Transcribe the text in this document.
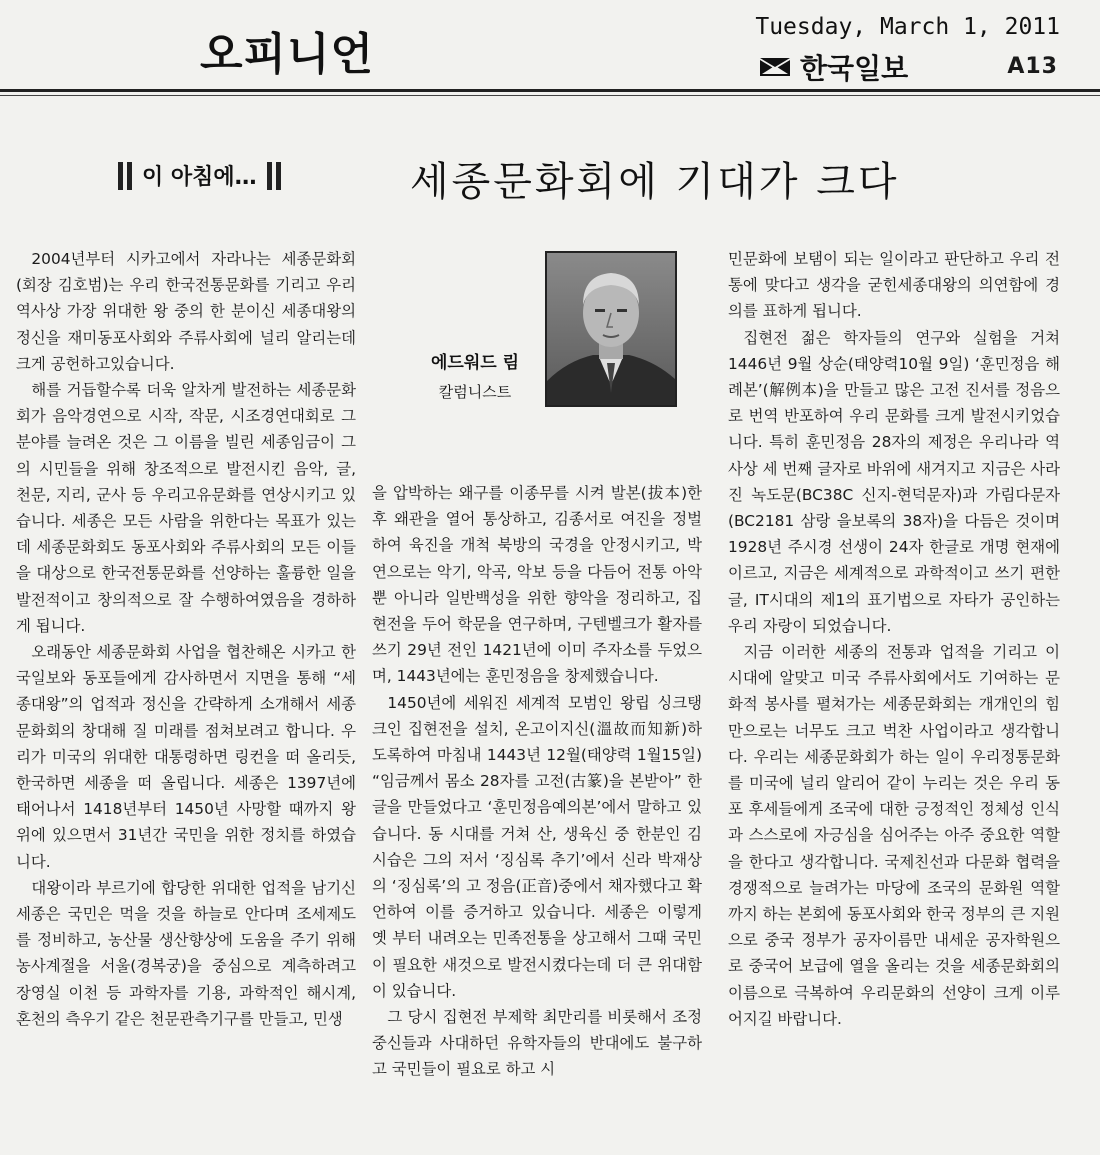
오피니언
Tuesday, March 1, 2011
한국일보	A13
이 아침에…	세종문화회에 기대가 크다

2004년부터 시카고에서 자라나는 세종문화회(회장 김호범)는 우리 한국전통문화를 기리고 우리 역사상 가장 위대한 왕 중의 한 분이신 세종대왕의 정신을 재미동포사회와 주류사회에 널리 알리는데 크게 공헌하고있습니다.

해를 거듭할수록 더욱 알차게 발전하는 세종문화회가 음악경연으로 시작, 작문, 시조경연대회로 그 분야를 늘려온 것은 그 이름을 빌린 세종임금이 그의 시민들을 위해 창조적으로 발전시킨 음악, 글, 천문, 지리, 군사 등 우리고유문화를 연상시키고 있습니다. 세종은 모든 사람을 위한다는 목표가 있는데 세종문화회도 동포사회와 주류사회의 모든 이들을 대상으로 한국전통문화를 선양하는 훌륭한 일을 발전적이고 창의적으로 잘 수행하여였음을 경하하게 됩니다.

오래동안 세종문화회 사업을 협찬해온 시카고 한국일보와 동포들에게 감사하면서 지면을 통해 “세종대왕”의 업적과 정신을 간략하게 소개해서 세종문화회의 창대해 질 미래를 점쳐보려고 합니다. 우리가 미국의 위대한 대통령하면 링컨을 떠 올리듯, 한국하면 세종을 떠 올립니다. 세종은 1397년에 태어나서 1418년부터 1450년 사망할 때까지 왕위에 있으면서 31년간 국민을 위한 정치를 하였습니다.

대왕이라 부르기에 합당한 위대한 업적을 남기신 세종은 국민은 먹을 것을 하늘로 안다며 조세제도를 정비하고, 농산물 생산향상에 도움을 주기 위해 농사계절을 서울(경복궁)을 중심으로 계측하려고 장영실 이천 등 과학자를 기용, 과학적인 해시계, 혼천의 측우기 같은 천문관측기구를 만들고, 민생

에드워드 림
칼럼니스트

을 압박하는 왜구를 이종무를 시켜 발본(拔本)한 후 왜관을 열어 통상하고, 김종서로 여진을 정벌하여 육진을 개척 북방의 국경을 안정시키고, 박연으로는 악기, 악곡, 악보 등을 다듬어 전통 아악뿐 아니라 일반백성을 위한 향악을 정리하고, 집현전을 두어 학문을 연구하며, 구텐벨크가 활자를 쓰기 29년 전인 1421년에 이미 주자소를 두었으며, 1443년에는 훈민정음을 창제했습니다.

1450년에 세워진 세계적 모범인 왕립 싱크탱크인 집현전을 설치, 온고이지신(溫故而知新)하도록하여 마침내 1443년 12월(태양력 1월15일) “임금께서 몸소 28자를 고전(古篆)을 본받아” 한글을 만들었다고 ‘훈민정음예의본’에서 말하고 있습니다. 동 시대를 거쳐 산, 생육신 중 한분인 김시습은 그의 저서 ‘징심록 추기’에서 신라 박재상의 ‘징심록’의 고 정음(正音)중에서 채자했다고 확언하여 이를 증거하고 있습니다. 세종은 이렇게 옛 부터 내려오는 민족전통을 상고해서 그때 국민이 필요한 새것으로 발전시켰다는데 더 큰 위대함이 있습니다.

그 당시 집현전 부제학 최만리를 비롯해서 조정중신들과 사대하던 유학자들의 반대에도 불구하고 국민들이 필요로 하고 시

민문화에 보탬이 되는 일이라고 판단하고 우리 전통에 맞다고 생각을 굳힌세종대왕의 의연함에 경의를 표하게 됩니다.

집현전 젊은 학자들의 연구와 실험을 거쳐 1446년 9월 상순(태양력10월 9일) ‘훈민정음 해례본’(解例本)을 만들고 많은 고전 진서를 정음으로 번역 반포하여 우리 문화를 크게 발전시키었습니다. 특히 훈민정음 28자의 제정은 우리나라 역사상 세 번째 글자로 바위에 새겨지고 지금은 사라진 녹도문(BC38C 신지-현덕문자)과 가림다문자(BC2181 삼랑 을보록의 38자)을 다듬은 것이며 1928년 주시경 선생이 24자 한글로 개명 현재에 이르고, 지금은 세계적으로 과학적이고 쓰기 편한 글, IT시대의 제1의 표기법으로 자타가 공인하는 우리 자랑이 되었습니다.

지금 이러한 세종의 전통과 업적을 기리고 이 시대에 알맞고 미국 주류사회에서도 기여하는 문화적 봉사를 펼쳐가는 세종문화회는 개개인의 힘만으로는 너무도 크고 벅찬 사업이라고 생각합니다. 우리는 세종문화회가 하는 일이 우리정통문화를 미국에 널리 알리어 같이 누리는 것은 우리 동포 후세들에게 조국에 대한 긍정적인 정체성 인식과 스스로에 자긍심을 심어주는 아주 중요한 역할을 한다고 생각합니다. 국제친선과 다문화 협력을 경쟁적으로 늘려가는 마당에 조국의 문화원 역할까지 하는 본회에 동포사회와 한국 정부의 큰 지원으로 중국 정부가 공자이름만 내세운 공자학원으로 중국어 보급에 열을 올리는 것을 세종문화회의 이름으로 극복하여 우리문화의 선양이 크게 이루어지길 바랍니다.
